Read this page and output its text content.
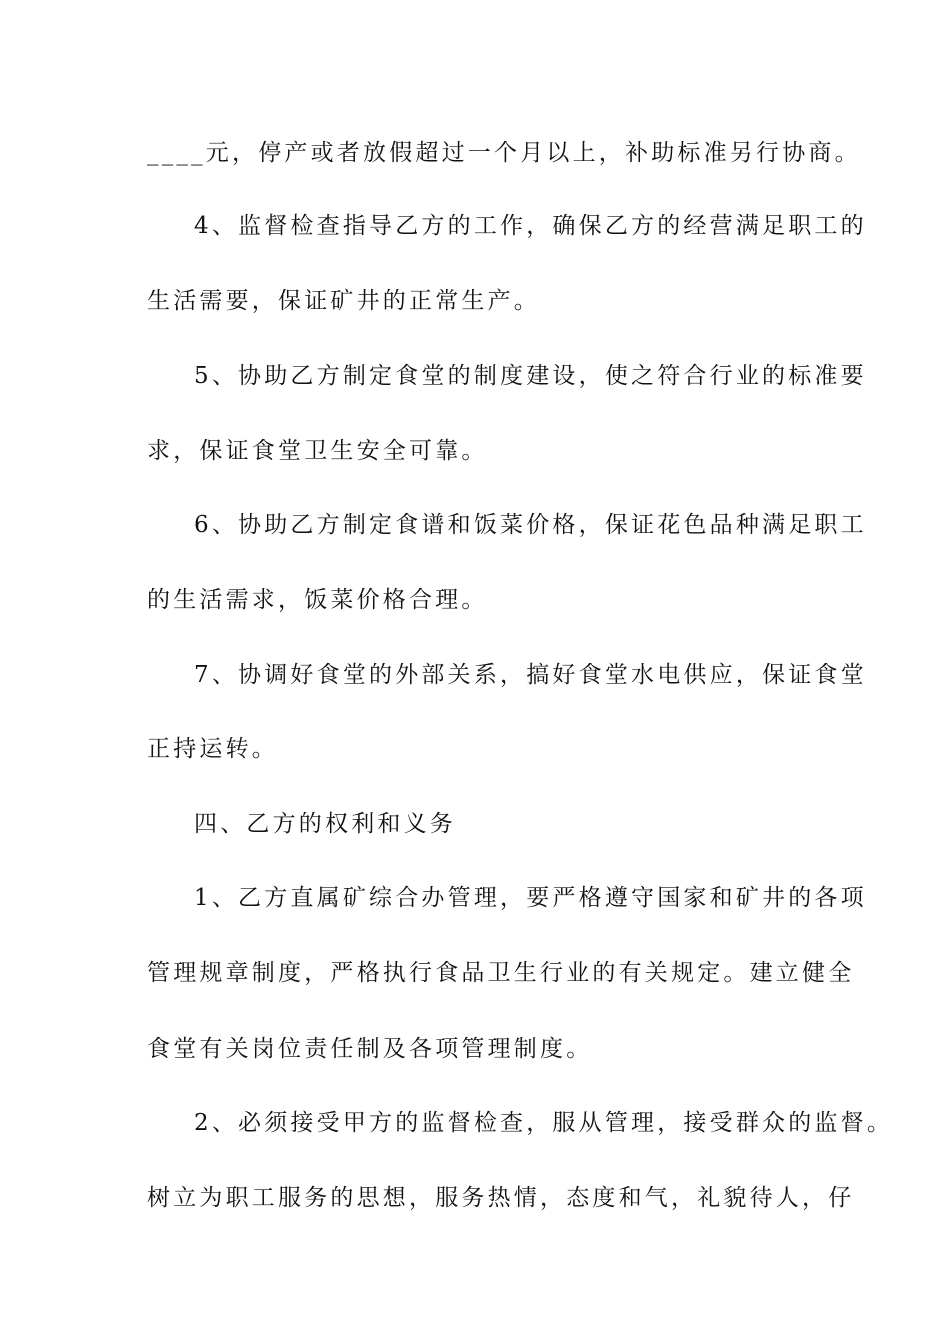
____元，停产或者放假超过一个月以上，补助标准另行协商。
4、监督检查指导乙方的工作，确保乙方的经营满足职工的
生活需要，保证矿井的正常生产。
5、协助乙方制定食堂的制度建设，使之符合行业的标准要
求，保证食堂卫生安全可靠。
6、协助乙方制定食谱和饭菜价格，保证花色品种满足职工
的生活需求，饭菜价格合理。
7、协调好食堂的外部关系，搞好食堂水电供应，保证食堂
正持运转。
四、乙方的权利和义务
1、乙方直属矿综合办管理，要严格遵守国家和矿井的各项
管理规章制度，严格执行食品卫生行业的有关规定。建立健全
食堂有关岗位责任制及各项管理制度。
2、必须接受甲方的监督检查，服从管理，接受群众的监督。
树立为职工服务的思想，服务热情，态度和气，礼貌待人，仔
